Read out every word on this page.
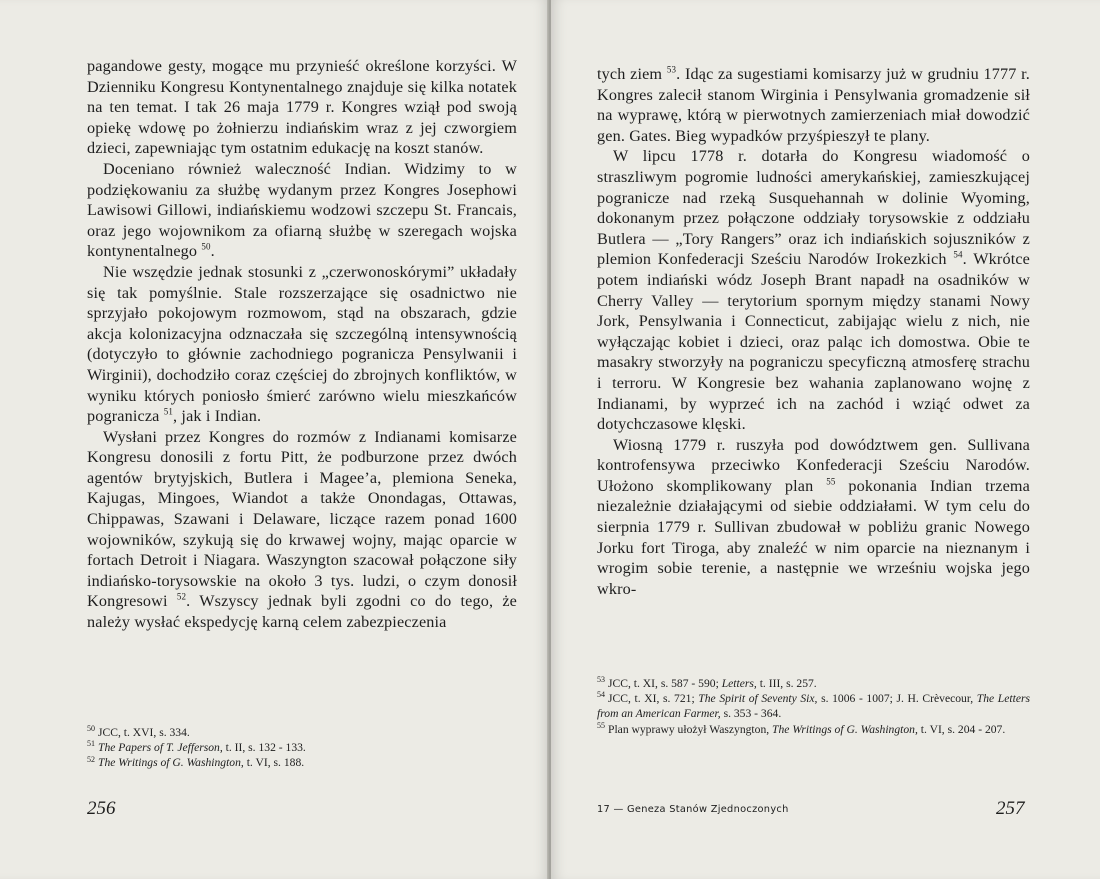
pagandowe gesty, mogące mu przynieść określone korzyści. W Dzienniku Kongresu Kontynentalnego znajduje się kilka notatek na ten temat. I tak 26 maja 1779 r. Kongres wziął pod swoją opiekę wdowę po żołnierzu indiańskim wraz z jej czworgiem dzieci, zapewniając tym ostatnim edukację na koszt stanów.

Doceniano również waleczność Indian. Widzimy to w podziękowaniu za służbę wydanym przez Kongres Josephowi Lawisowi Gillowi, indiańskiemu wodzowi szczepu St. Francais, oraz jego wojownikom za ofiarną służbę w szeregach wojska kontynentalnego $^{50}$.

Nie wszędzie jednak stosunki z „czerwonoskórymi” układały się tak pomyślnie. Stale rozszerzające się osadnictwo nie sprzyjało pokojowym rozmowom, stąd na obszarach, gdzie akcja kolonizacyjna odznaczała się szczególną intensywnością (dotyczyło to głównie zachodniego pogranicza Pensylwanii i Wirginii), dochodziło coraz częściej do zbrojnych konfliktów, w wyniku których poniosło śmierć zarówno wielu mieszkańców pogranicza $^{51}$, jak i Indian.

Wysłani przez Kongres do rozmów z Indianami komisarze Kongresu donosili z fortu Pitt, że podburzone przez dwóch agentów brytyjskich, Butlera i Magee’a, plemiona Seneka, Kajugas, Mingoes, Wiandot a także Onondagas, Ottawas, Chippawas, Szawani i Delaware, liczące razem ponad 1600 wojowników, szykują się do krwawej wojny, mając oparcie w fortach Detroit i Niagara. Waszyngton szacował połączone siły indiańsko-torysowskie na około 3 tys. ludzi, o czym donosił Kongresowi $^{52}$. Wszyscy jednak byli zgodni co do tego, że należy wysłać ekspedycję karną celem zabezpieczenia

$^{50}$ JCC, t. XVI, s. 334.

$^{51}$ The Papers of T. Jefferson, t. II, s. 132 - 133.

$^{52}$ The Writings of G. Washington, t. VI, s. 188.

256

tych ziem $^{53}$. Idąc za sugestiami komisarzy już w grudniu 1777 r. Kongres zalecił stanom Wirginia i Pensylwania gromadzenie sił na wyprawę, którą w pierwotnych zamierzeniach miał dowodzić gen. Gates. Bieg wypadków przyśpieszył te plany.

W lipcu 1778 r. dotarła do Kongresu wiadomość o straszliwym pogromie ludności amerykańskiej, zamieszkującej pogranicze nad rzeką Susquehannah w dolinie Wyoming, dokonanym przez połączone oddziały torysowskie z oddziału Butlera — „Tory Rangers” oraz ich indiańskich sojuszników z plemion Konfederacji Sześciu Narodów Irokezkich $^{54}$. Wkrótce potem indiański wódz Joseph Brant napadł na osadników w Cherry Valley — terytorium spornym między stanami Nowy Jork, Pensylwania i Connecticut, zabijając wielu z nich, nie wyłączając kobiet i dzieci, oraz paląc ich domostwa. Obie te masakry stworzyły na pograniczu specyficzną atmosferę strachu i terroru. W Kongresie bez wahania zaplanowano wojnę z Indianami, by wyprzeć ich na zachód i wziąć odwet za dotychczasowe klęski.

Wiosną 1779 r. ruszyła pod dowództwem gen. Sullivana kontrofensywa przeciwko Konfederacji Sześciu Narodów. Ułożono skomplikowany plan $^{55}$ pokonania Indian trzema niezależnie działającymi od siebie oddziałami. W tym celu do sierpnia 1779 r. Sullivan zbudował w pobliżu granic Nowego Jorku fort Tiroga, aby znaleźć w nim oparcie na nieznanym i wrogim sobie terenie, a następnie we wrześniu wojska jego wkro-

$^{53}$ JCC, t. XI, s. 587 - 590; Letters, t. III, s. 257.

$^{54}$ JCC, t. XI, s. 721; The Spirit of Seventy Six, s. 1006 - 1007; J. H. Crèvecour, The Letters from an American Farmer, s. 353 - 364.

$^{55}$ Plan wyprawy ułożył Waszyngton, The Writings of G. Washington, t. VI, s. 204 - 207.

17 — Geneza Stanów Zjednoczonych	257
